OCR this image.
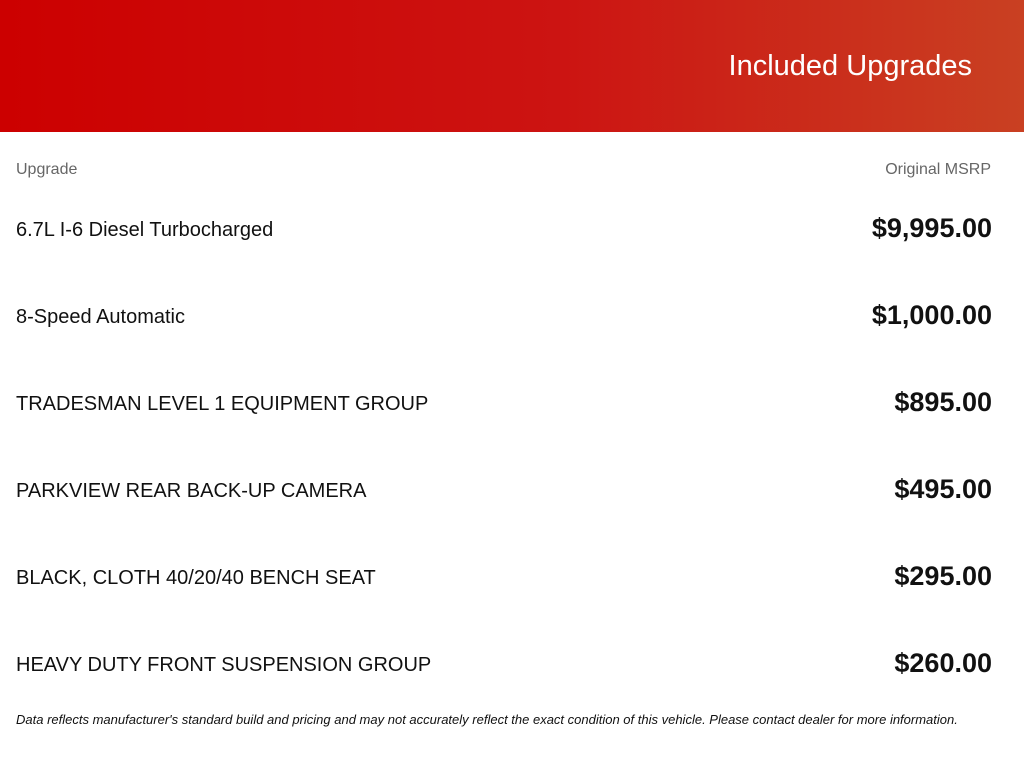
Included Upgrades
Upgrade	Original MSRP
6.7L I-6 Diesel Turbocharged	$9,995.00
8-Speed Automatic	$1,000.00
TRADESMAN LEVEL 1 EQUIPMENT GROUP	$895.00
PARKVIEW REAR BACK-UP CAMERA	$495.00
BLACK, CLOTH 40/20/40 BENCH SEAT	$295.00
HEAVY DUTY FRONT SUSPENSION GROUP	$260.00
Data reflects manufacturer's standard build and pricing and may not accurately reflect the exact condition of this vehicle. Please contact dealer for more information.
